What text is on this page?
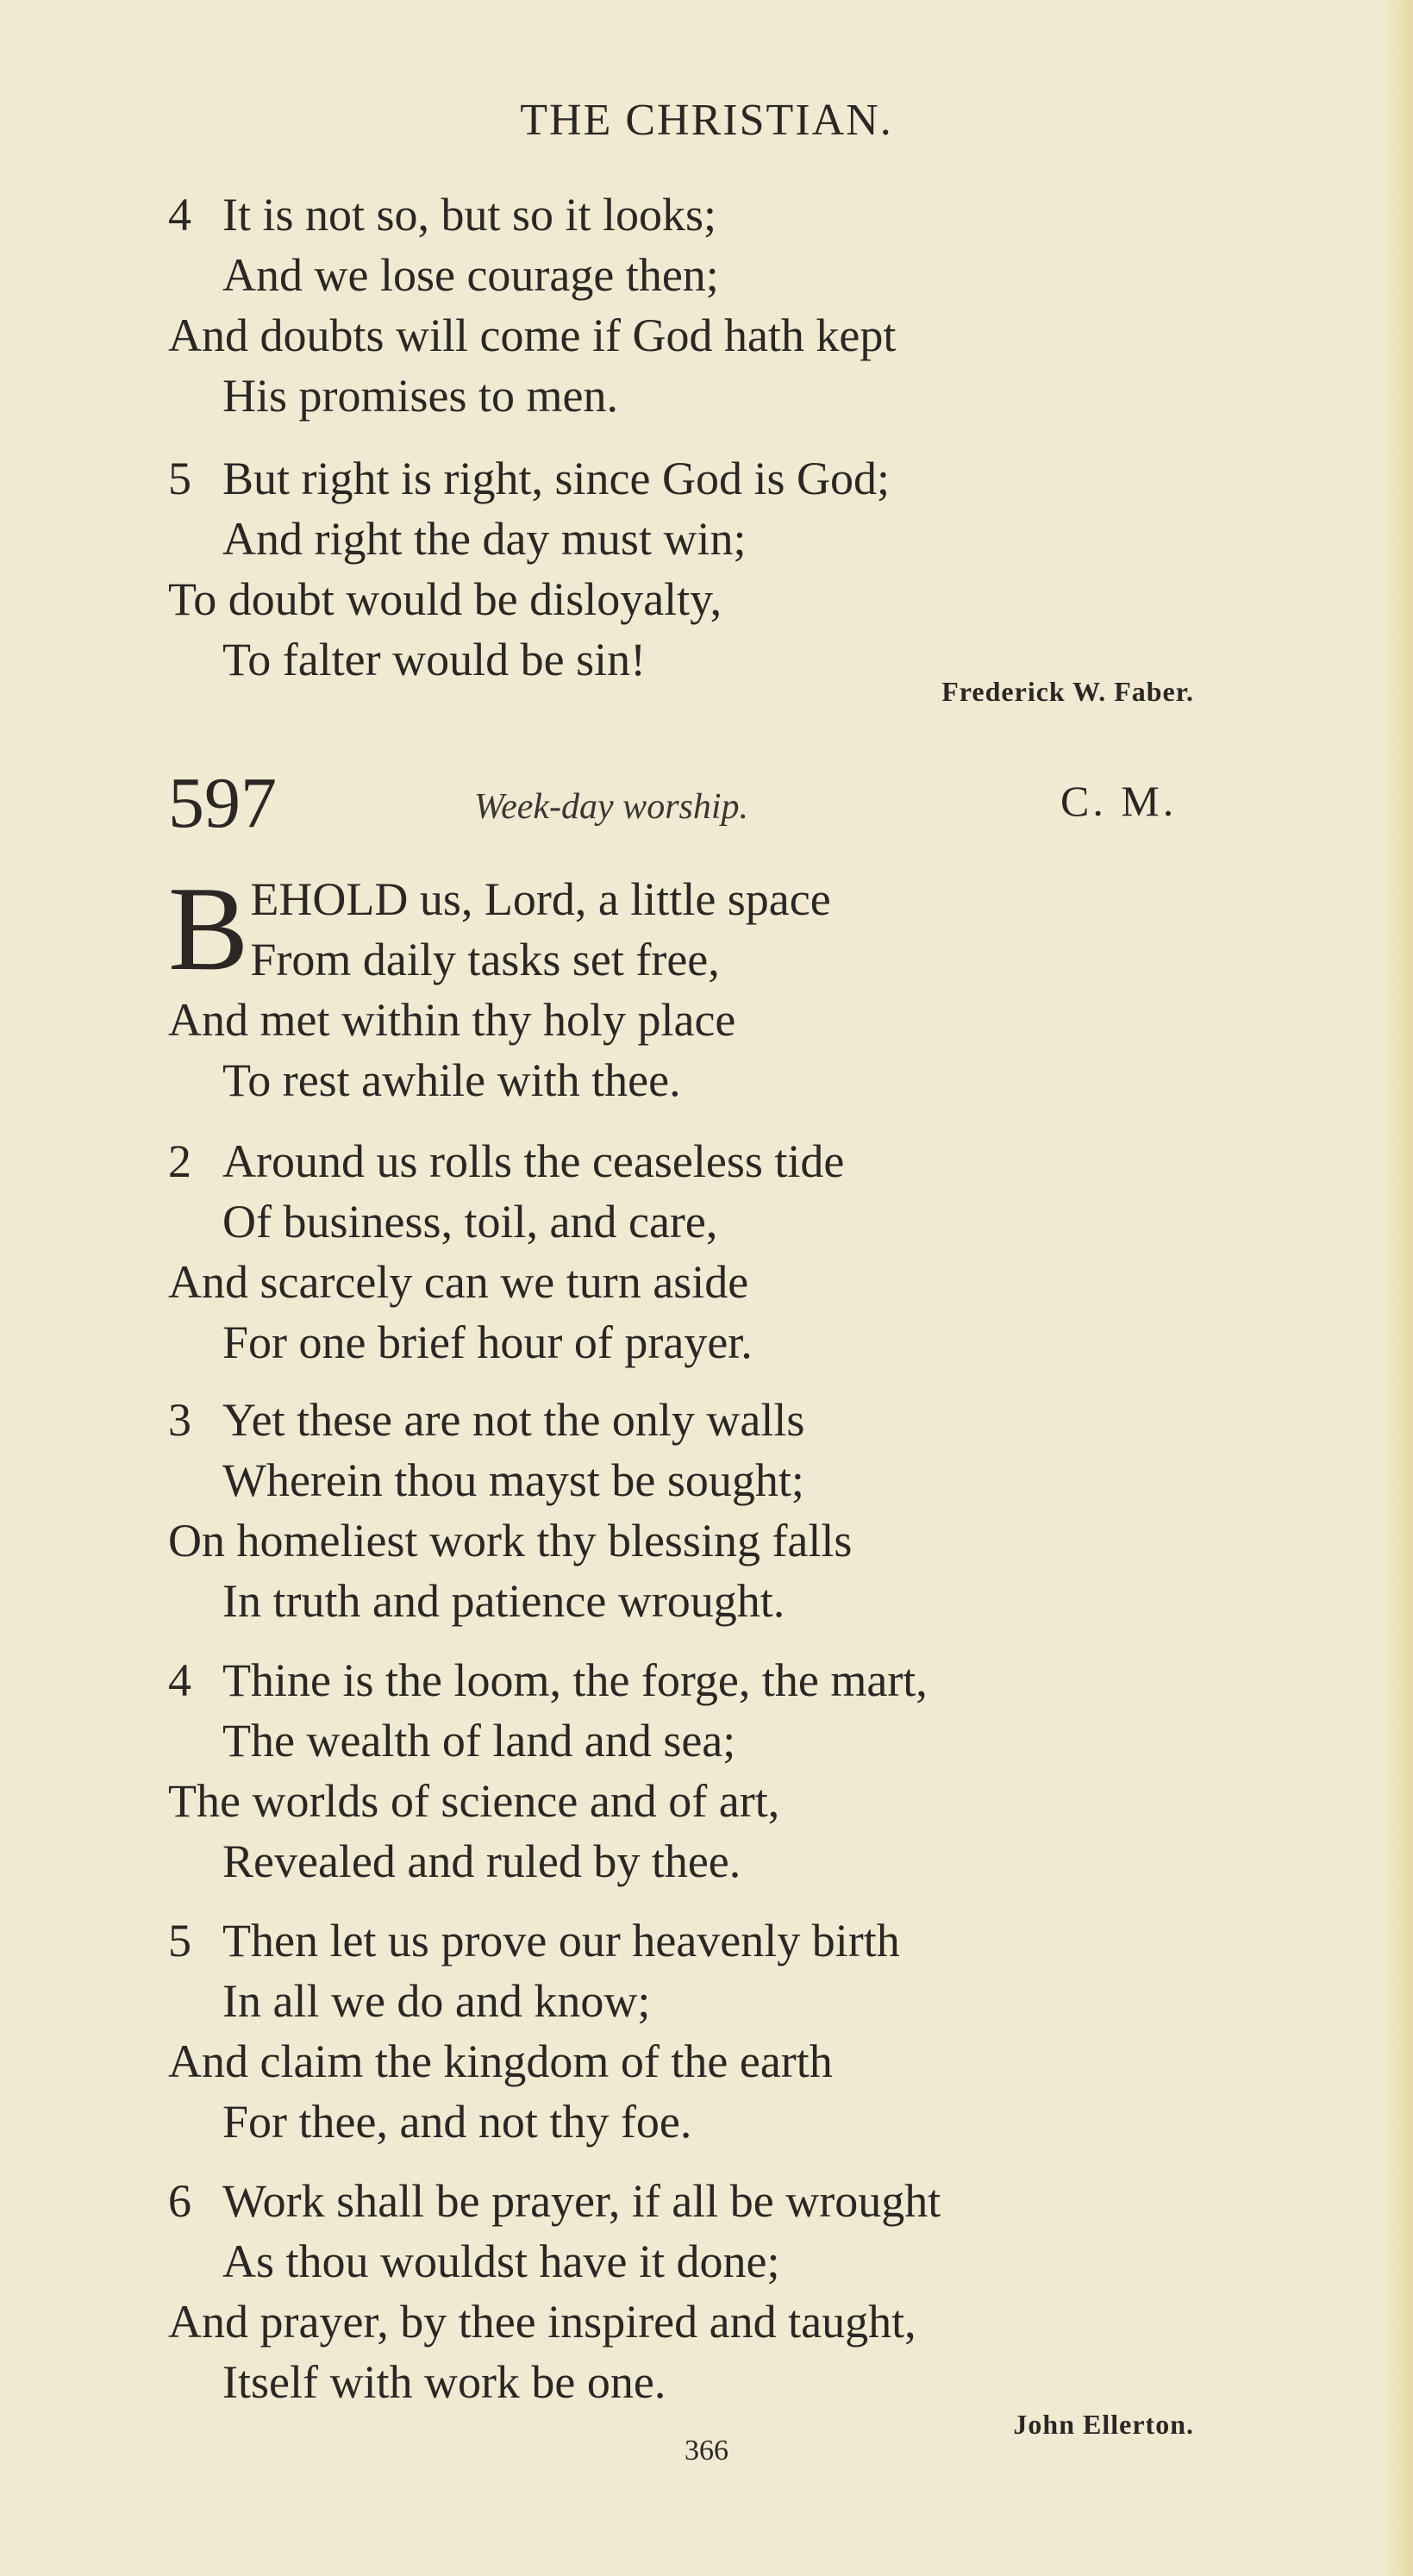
THE CHRISTIAN.
4 It is not so, but so it looks;
And we lose courage then;
And doubts will come if God hath kept
His promises to men.
5 But right is right, since God is God;
And right the day must win;
To doubt would be disloyalty,
To falter would be sin!
Frederick W. Faber.
597	Week-day worship.	C. M.
B EHOLD us, Lord, a little space
From daily tasks set free,
And met within thy holy place
To rest awhile with thee.
2 Around us rolls the ceaseless tide
Of business, toil, and care,
And scarcely can we turn aside
For one brief hour of prayer.
3 Yet these are not the only walls
Wherein thou mayst be sought;
On homeliest work thy blessing falls
In truth and patience wrought.
4 Thine is the loom, the forge, the mart,
The wealth of land and sea;
The worlds of science and of art,
Revealed and ruled by thee.
5 Then let us prove our heavenly birth
In all we do and know;
And claim the kingdom of the earth
For thee, and not thy foe.
6 Work shall be prayer, if all be wrought
As thou wouldst have it done;
And prayer, by thee inspired and taught,
Itself with work be one.
John Ellerton.
366
